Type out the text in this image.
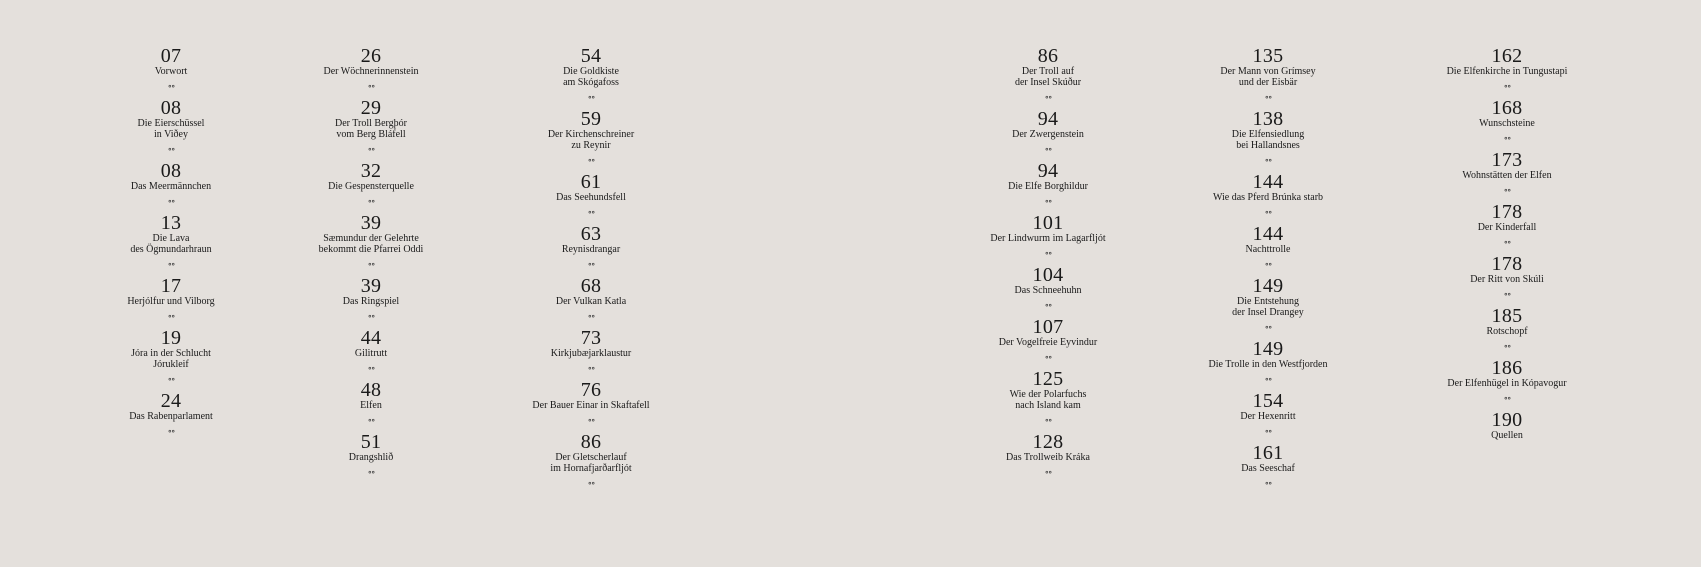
07
Vorwort
∘∘
08
Die Eierschüssel
in Viðey
∘∘
08
Das Meermännchen
∘∘
13
Die Lava
des Ögmundarhraun
∘∘
17
Herjólfur und Vilborg
∘∘
19
Jóra in der Schlucht
Jórukleif
∘∘
24
Das Rabenparlament
∘∘
26
Der Wöchnerinnenstein
∘∘
29
Der Troll Bergþór
vom Berg Bláfell
∘∘
32
Die Gespensterquelle
∘∘
39
Sæmundur der Gelehrte
bekommt die Pfarrei Oddi
∘∘
39
Das Ringspiel
∘∘
44
Gilitrutt
∘∘
48
Elfen
∘∘
51
Drangshlið
∘∘
54
Die Goldkiste
am Skógafoss
∘∘
59
Der Kirchenschreiner
zu Reynir
∘∘
61
Das Seehundsfell
∘∘
63
Reynisdrangar
∘∘
68
Der Vulkan Katla
∘∘
73
Kirkjubæjarklaustur
∘∘
76
Der Bauer Einar in Skaftafell
∘∘
86
Der Gletscherlauf
im Hornafjarðarfljót
∘∘
86
Der Troll auf
der Insel Skúður
∘∘
94
Der Zwergenstein
∘∘
94
Die Elfe Borghildur
∘∘
101
Der Lindwurm im Lagarfljót
∘∘
104
Das Schneehuhn
∘∘
107
Der Vogelfreie Eyvindur
∘∘
125
Wie der Polarfuchs
nach Island kam
∘∘
128
Das Trollweib Kráka
∘∘
135
Der Mann von Grímsey
und der Eisbär
∘∘
138
Die Elfensiedlung
bei Hallandsnes
∘∘
144
Wie das Pferd Brúnka starb
∘∘
144
Nachttrolle
∘∘
149
Die Entstehung
der Insel Drangey
∘∘
149
Die Trolle in den Westfjorden
∘∘
154
Der Hexenritt
∘∘
161
Das Seeschaf
∘∘
162
Die Elfenkirche in Tungustapi
∘∘
168
Wunschsteine
∘∘
173
Wohnstätten der Elfen
∘∘
178
Der Kinderfall
∘∘
178
Der Ritt von Skúli
∘∘
185
Rotschopf
∘∘
186
Der Elfenhügel in Kópavogur
∘∘
190
Quellen
